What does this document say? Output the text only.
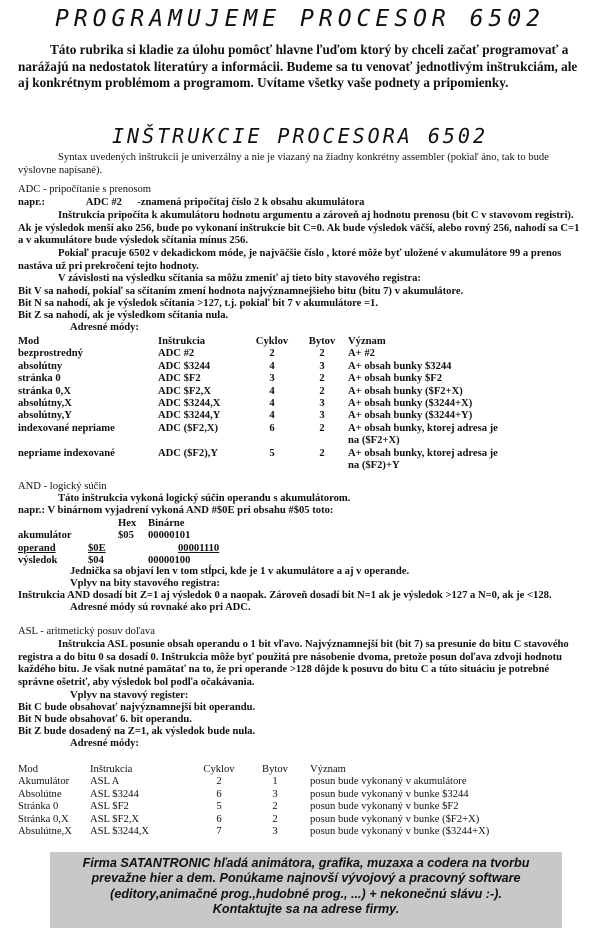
PROGRAMUJEME PROCESOR 6502
Táto rubrika si kladie za úlohu pomôcť hlavne ľuďom ktorý by chceli začať programovať a narážajú na nedostatok literatúry a informácii. Budeme sa tu venovať jednotlivým inštrukciám, ale aj konkrétnym problémom a programom. Uvítame všetky vaše podnety a pripomienky.
INŠTRUKCIE PROCESORA 6502
Syntax uvedených inštrukcii je univerzálny a nie je viazaný na žiadny konkrétny assembler (pokiaľ áno, tak to bude výslovne napísané).
ADC - pripočítanie s prenosom
napr.:	ADC #2 -znamená pripočítaj číslo 2 k obsahu akumulátora
Inštrukcia pripočíta k akumulátoru hodnotu argumentu a zároveň aj hodnotu prenosu (bit C v stavovom registri). Ak je výsledok menší ako 256, bude po vykonaní inštrukcie bit C=0. Ak bude výsledok väčší, alebo rovný 256, nahodí sa C=1 a v akumulátore bude výsledok sčítania mínus 256.
Pokiaľ pracuje 6502 v dekadickom móde, je najväčšie číslo , ktoré môže byť uložené v akumulátore 99 a prenos nastáva už pri prekročení tejto hodnoty.
V závislosti na výsledku sčítania sa môžu zmeniť aj tieto bity stavového registra:
Bit V sa nahodí, pokiaľ sa sčítaním zmení hodnota najvýznamnejšieho bitu (bitu 7) v akumulátore.
Bit N sa nahodí, ak je výsledok sčítania >127, t.j. pokiaľ bit 7 v akumulátore =1.
Bit Z sa nahodí, ak je výsledkom sčítania nula.
Adresné módy:
Mod	Inštrukcia	Cyklov	Bytov	Význam
bezprostredný	ADC #2	2	2	A+ #2
absolútny	ADC $3244	4	3	A+ obsah bunky $3244
stránka 0	ADC $F2	3	2	A+ obsah bunky $F2
stránka 0,X	ADC $F2,X	4	2	A+ obsah bunky ($F2+X)
absolútny,X	ADC $3244,X	4	3	A+ obsah bunky ($3244+X)
absolútny,Y	ADC $3244,Y	4	3	A+ obsah bunky ($3244+Y)
indexované nepriame	ADC ($F2,X)	6	2	A+ obsah bunky, ktorej adresa je
				na ($F2+X)
nepriame indexované	ADC ($F2),Y	5	2	A+ obsah bunky, ktorej adresa je
				na ($F2)+Y
AND - logický súčin
Táto inštrukcia vykoná logický súčin operandu s akumulátorom.
napr.: V binárnom vyjadrení vykoná AND #$0E pri obsahu #$05 toto:
	Hex	Binárne
akumulátor	$05	00000101
operand	$0E	00001110
výsledok	$04	00000100
Jednička sa objaví len v tom stĺpci, kde je 1 v akumulátore a aj v operande.
Vplyv na bity stavového registra:
Inštrukcia AND dosadí bit Z=1 aj výsledok 0 a naopak. Zároveň dosadí bit N=1 ak je výsledok >127 a N=0, ak je <128.
Adresné módy sú rovnaké ako pri ADC.
ASL - aritmetický posuv doľava
Inštrukcia ASL posunie obsah operandu o 1 bit vľavo. Najvýznamnejší bit (bit 7) sa presunie do bitu C stavového registra a do bitu 0 sa dosadí 0. Inštrukcia môže byť použitá pre násobenie dvoma, pretože posun doľava zdvoji hodnotu každého bitu. Je však nutné pamätať na to, že pri operande >128 dôjde k posuvu do bitu C a túto situáciu je potrebné správne ošetriť, aby výsledok bol podľa očakávania.
Vplyv na stavový register:
Bit C bude obsahovať najvýznamnejší bit operandu.
Bit N bude obsahovať 6. bit operandu.
Bit Z bude dosadený na Z=1, ak výsledok bude nula.
Adresné módy:
Mod	Inštrukcia	Cyklov	Bytov	Význam
Akumulátor	ASL A	2	1	posun bude vykonaný v akumulátore
Absolútne	ASL $3244	6	3	posun bude vykonaný v bunke $3244
Stránka 0	ASL $F2	5	2	posun bude vykonaný v bunke $F2
Stránka 0,X	ASL $F2,X	6	2	posun bude vykonaný v bunke ($F2+X)
Absulútne,X	ASL $3244,X	7	3	posun bude vykonaný v bunke ($3244+X)
Firma SATANTRONIC hľadá animátora, grafika, muzaxa a codera na tvorbu
prevažne hier a dem. Ponúkame najnovší vývojový a pracovný software
(editory,animačné prog.,hudobné prog., ...) + nekonečnú slávu :-).
Kontaktujte sa na adrese firmy.
